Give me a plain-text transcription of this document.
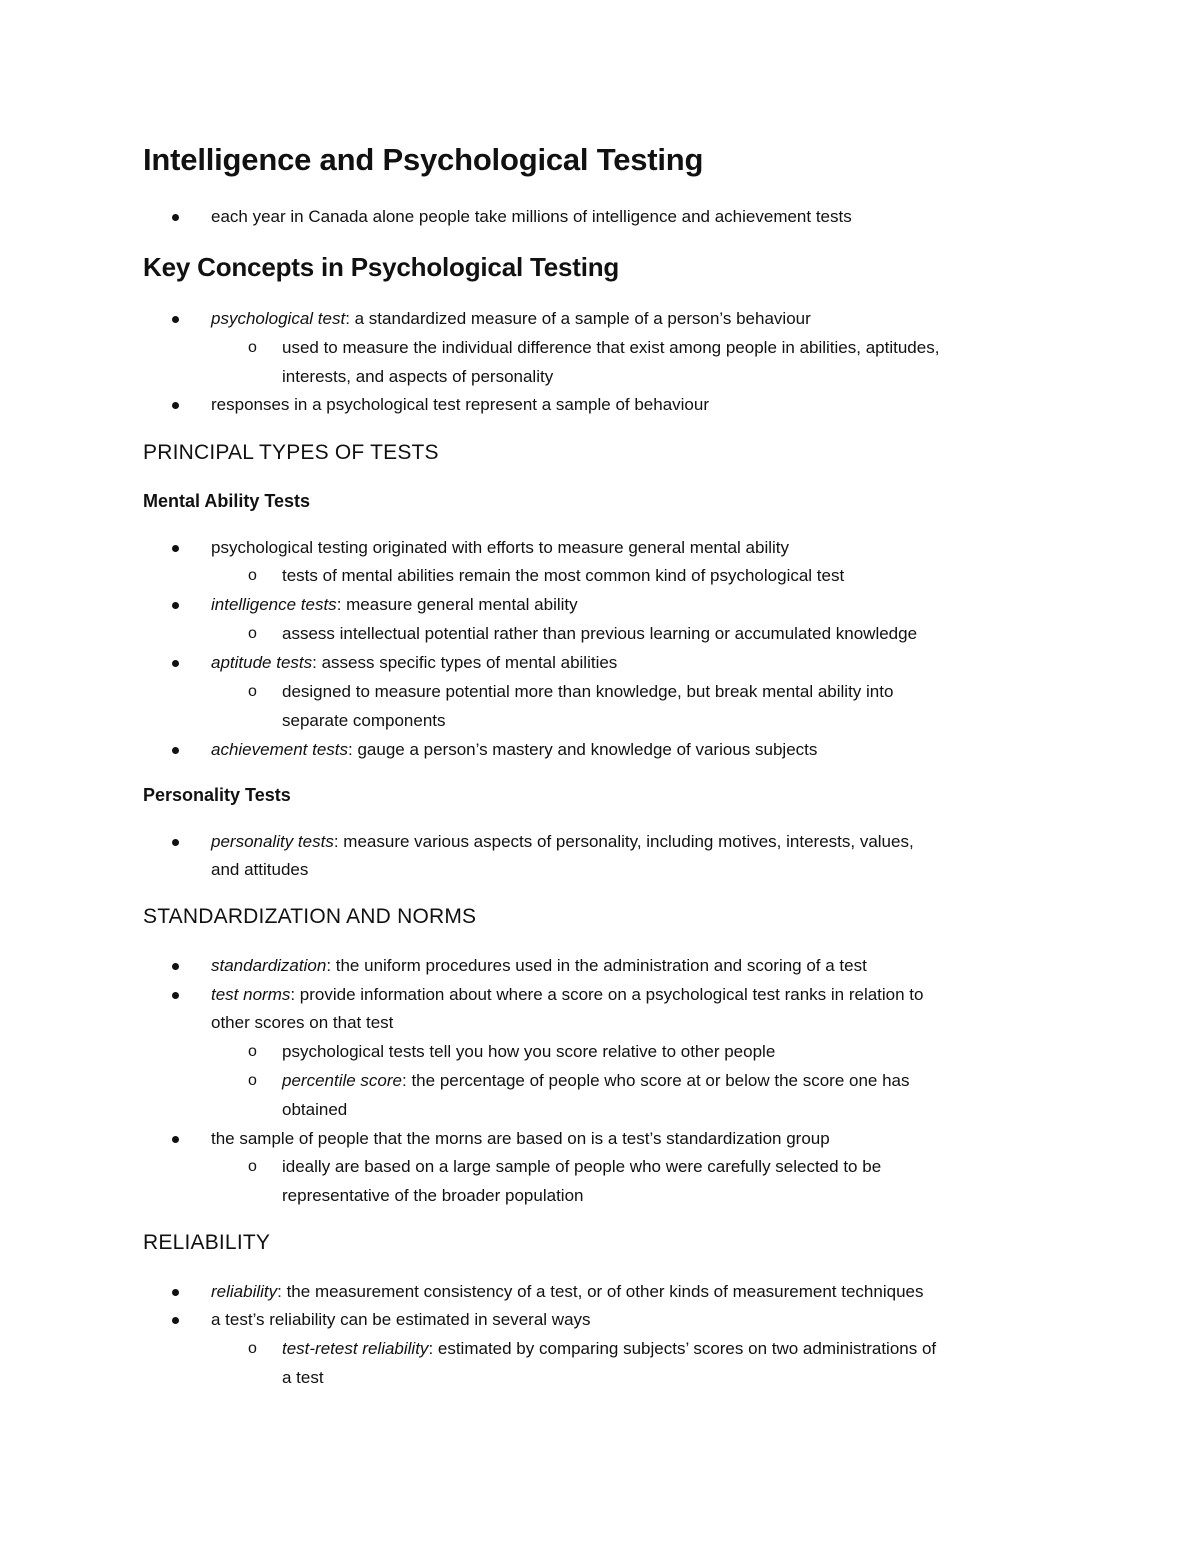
Intelligence and Psychological Testing
each year in Canada alone people take millions of intelligence and achievement tests
Key Concepts in Psychological Testing
psychological test: a standardized measure of a sample of a person’s behaviour
o used to measure the individual difference that exist among people in abilities, aptitudes,
interests, and aspects of personality
responses in a psychological test represent a sample of behaviour
PRINCIPAL TYPES OF TESTS
Mental Ability Tests
psychological testing originated with efforts to measure general mental ability
o tests of mental abilities remain the most common kind of psychological test
intelligence tests: measure general mental ability
o assess intellectual potential rather than previous learning or accumulated knowledge
aptitude tests: assess specific types of mental abilities
o designed to measure potential more than knowledge, but break mental ability into
separate components
achievement tests: gauge a person’s mastery and knowledge of various subjects
Personality Tests
personality tests: measure various aspects of personality, including motives, interests, values,
and attitudes
STANDARDIZATION AND NORMS
standardization: the uniform procedures used in the administration and scoring of a test
test norms: provide information about where a score on a psychological test ranks in relation to
other scores on that test
o psychological tests tell you how you score relative to other people
o percentile score: the percentage of people who score at or below the score one has
obtained
the sample of people that the morns are based on is a test’s standardization group
o ideally are based on a large sample of people who were carefully selected to be
representative of the broader population
RELIABILITY
reliability: the measurement consistency of a test, or of other kinds of measurement techniques
a test’s reliability can be estimated in several ways
o test-retest reliability: estimated by comparing subjects’ scores on two administrations of
a test
